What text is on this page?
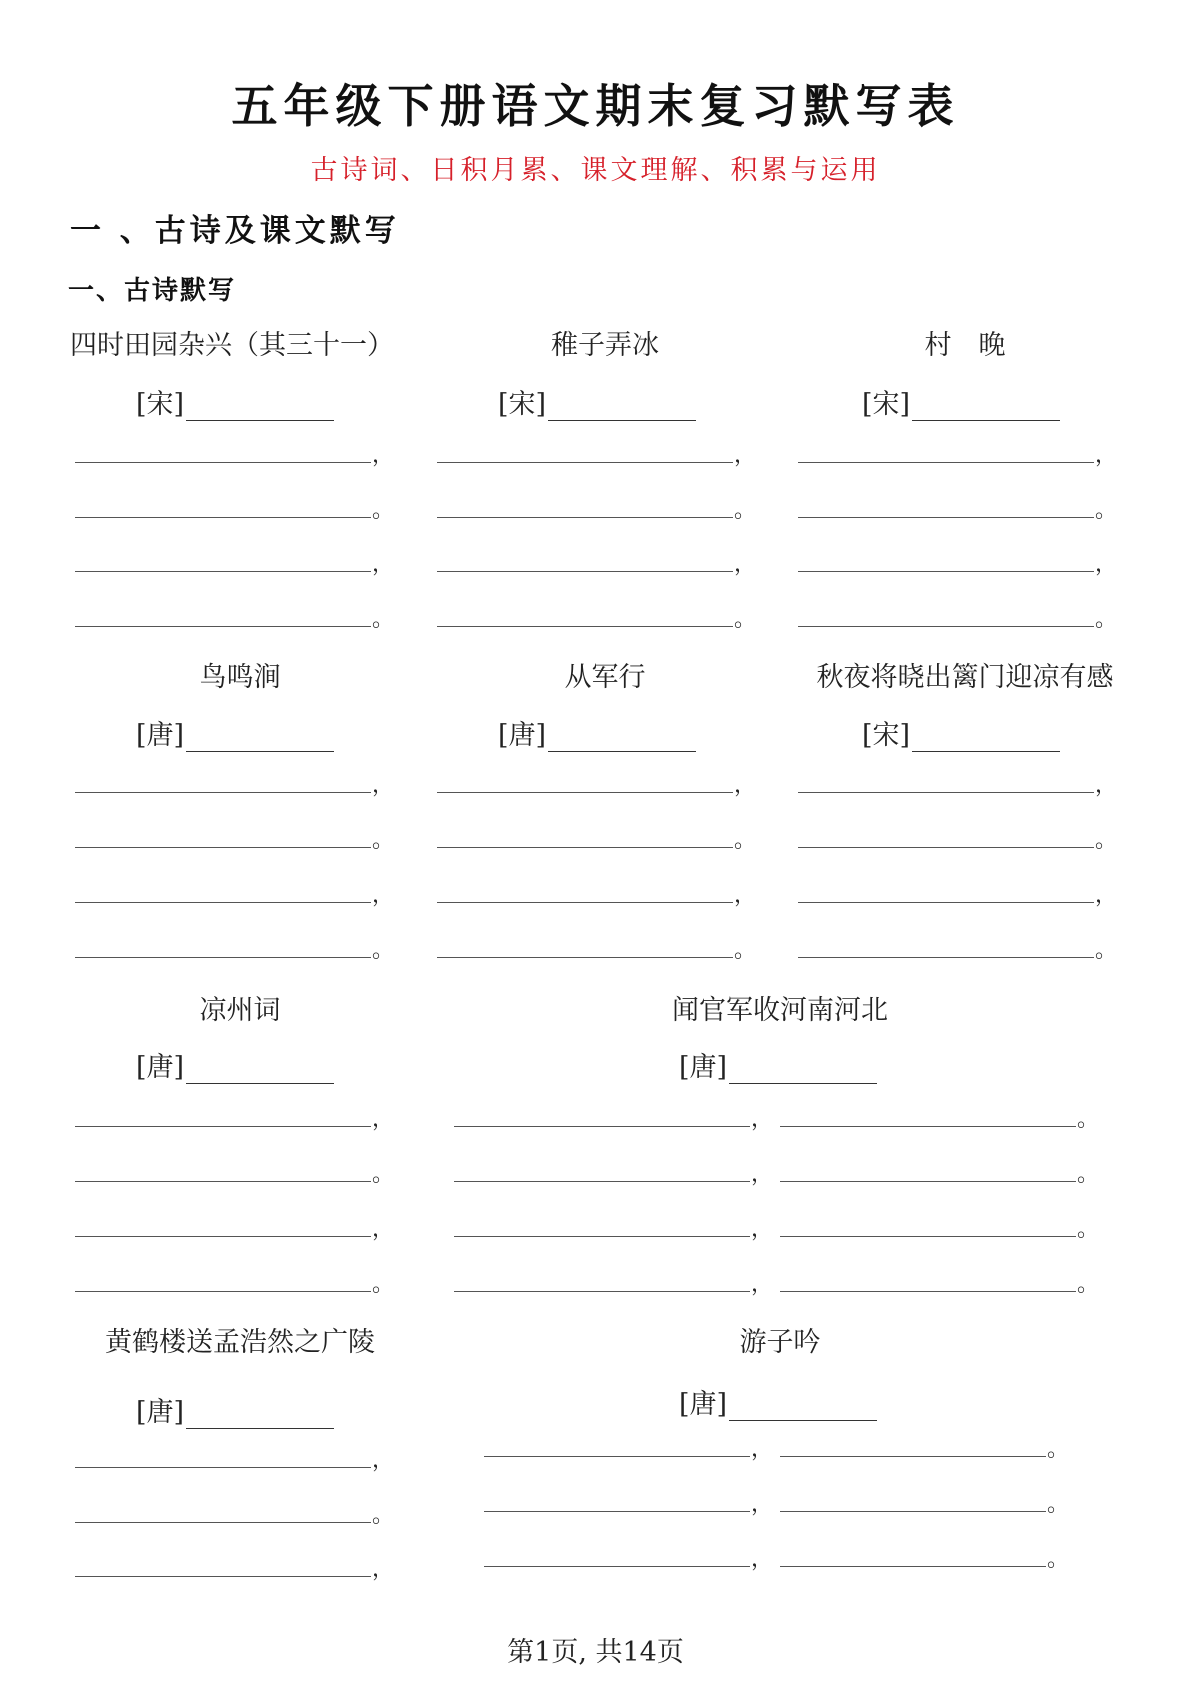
五年级下册语文期末复习默写表
古诗词、日积月累、课文理解、积累与运用
一 、古诗及课文默写
一、古诗默写
四时田园杂兴（其三十一）
[宋]
，
。
，
。
稚子弄冰
[宋]
，
。
，
。
村　晚
[宋]
，
。
，
。
鸟鸣涧
[唐]
，
。
，
。
从军行
[唐]
，
。
，
。
秋夜将晓出篱门迎凉有感
[宋]
，
。
，
。
凉州词
[唐]
，
。
，
。
闻官军收河南河北
[唐]
，	。
，	。
，	。
，	。
黄鹤楼送孟浩然之广陵
[唐]
，
。
，
游子吟
[唐]
，	。
，	。
，	。
第1页, 共14页
